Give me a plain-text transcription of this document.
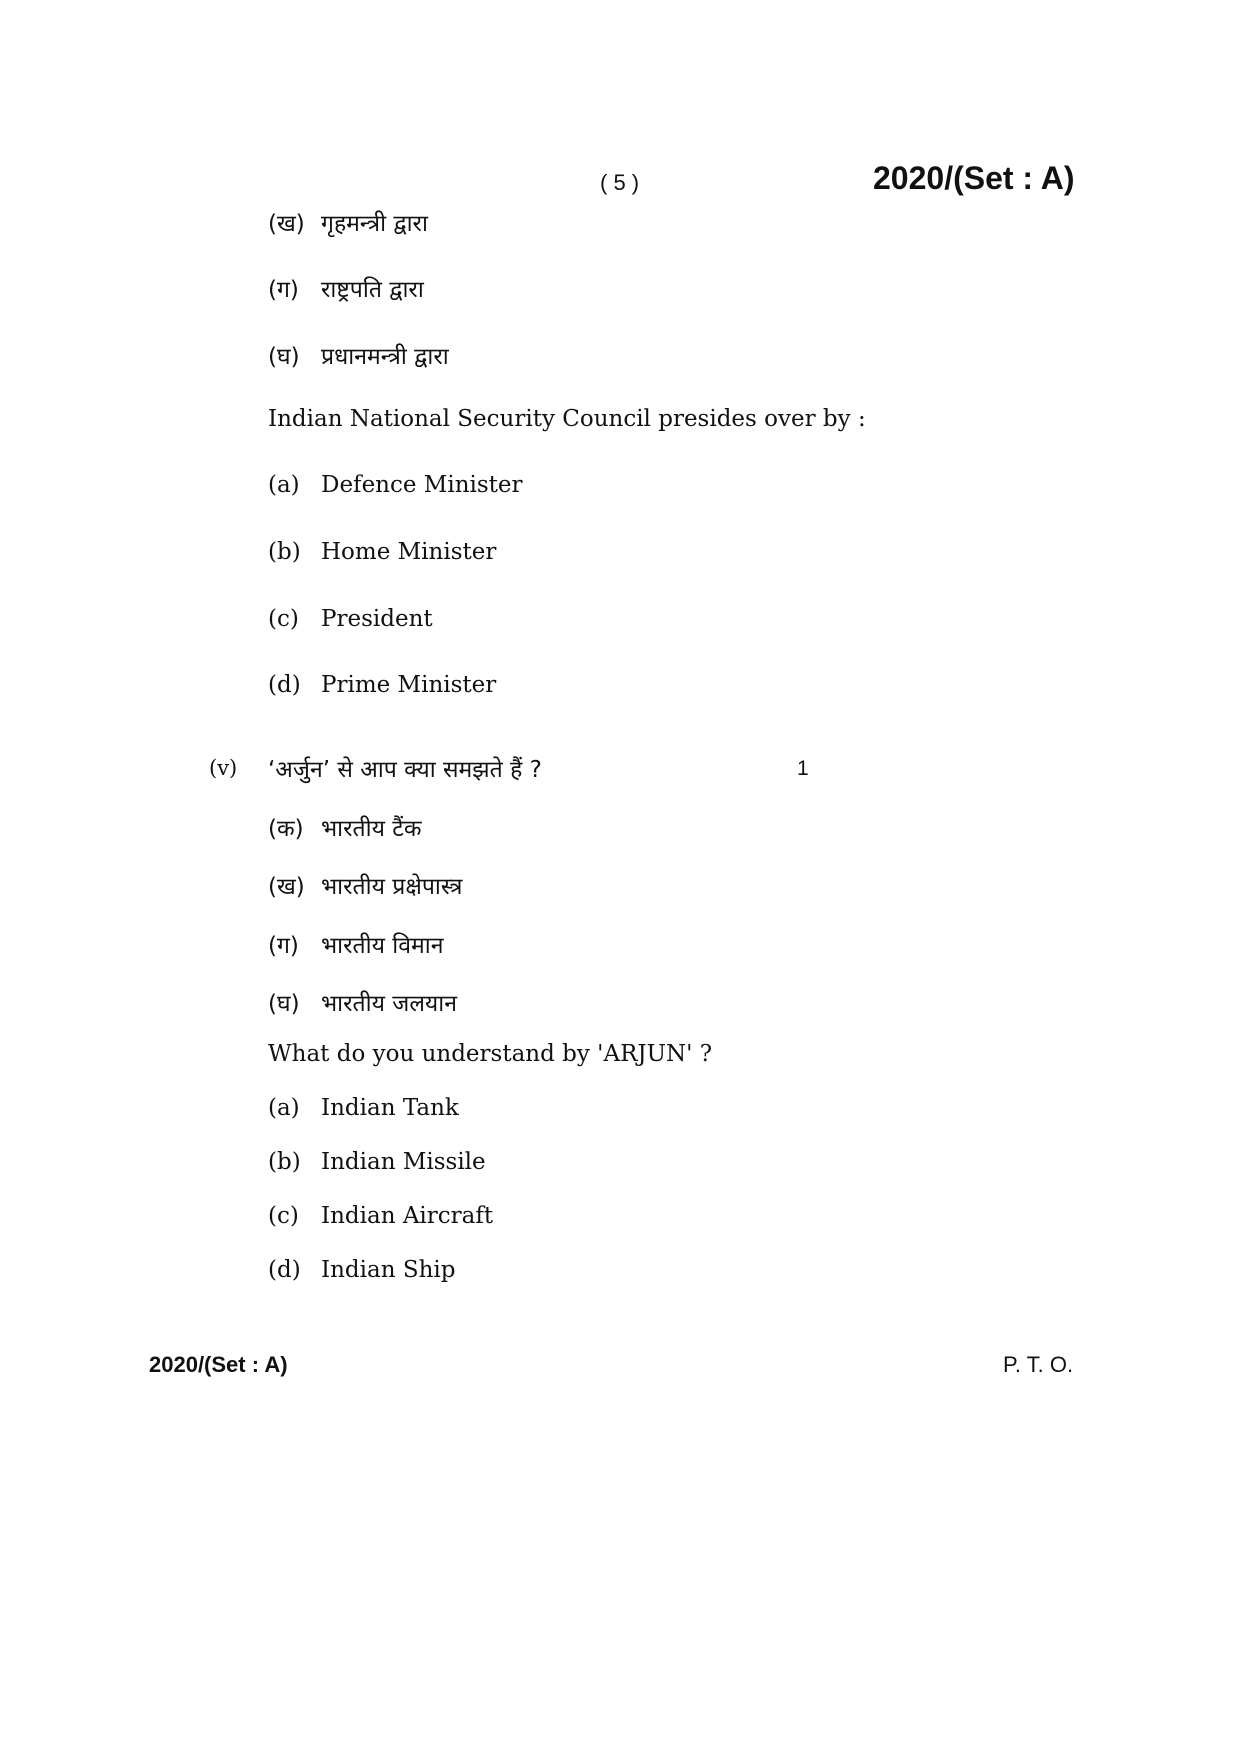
( 5 )	2020/(Set : A)
(ख) गृहमन्त्री द्वारा
(ग) राष्ट्रपति द्वारा
(घ) प्रधानमन्त्री द्वारा
Indian National Security Council presides over by :
(a) Defence Minister
(b) Home Minister
(c) President
(d) Prime Minister
(v) ‘अर्जुन’ से आप क्या समझते हैं ?	1
(क) भारतीय टैंक
(ख) भारतीय प्रक्षेपास्त्र
(ग) भारतीय विमान
(घ) भारतीय जलयान
What do you understand by 'ARJUN' ?
(a) Indian Tank
(b) Indian Missile
(c) Indian Aircraft
(d) Indian Ship
2020/(Set : A)	P. T. O.
